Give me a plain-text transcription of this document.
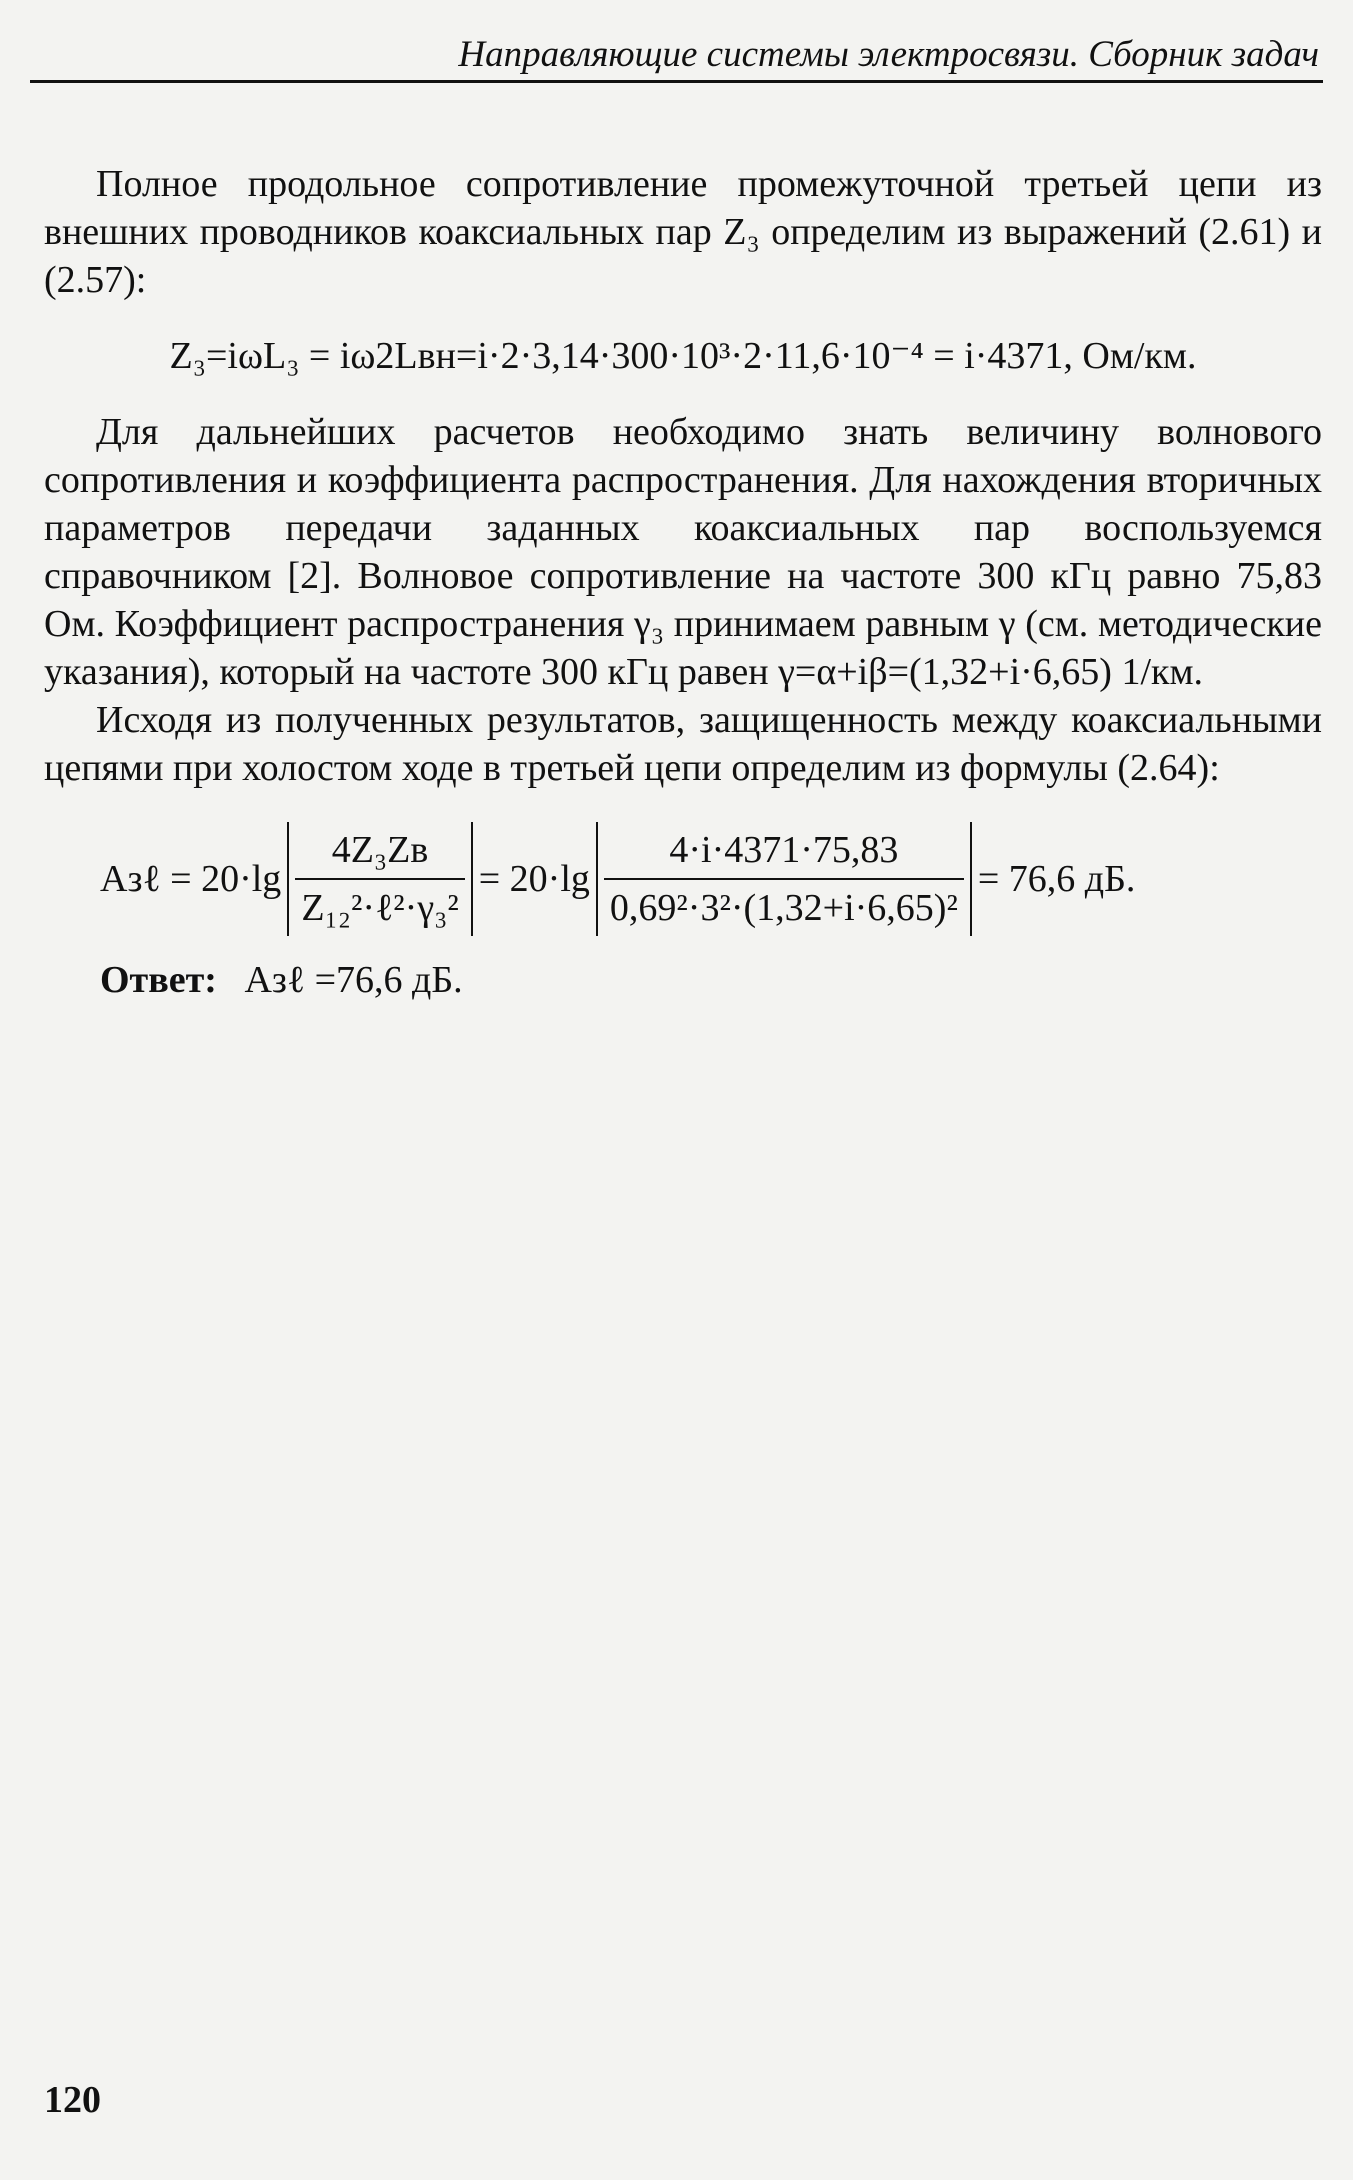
Направляющие системы электросвязи. Сборник задач

Полное продольное сопротивление промежуточной третьей цепи из внешних проводников коаксиальных пар Z₃ определим из выражений (2.61) и (2.57):

Z₃=iωL₃ = iω2Lвн=i·2·3,14·300·10³·2·11,6·10⁻⁴ = i·4371, Ом/км.

Для дальнейших расчетов необходимо знать величину волнового сопротивления и коэффициента распространения. Для нахождения вторичных параметров передачи заданных коаксиальных пар воспользуемся справочником [2]. Волновое сопротивление на частоте 300 кГц равно 75,83 Ом. Коэффициент распространения γ₃ принимаем равным γ (см. методические указания), который на частоте 300 кГц равен γ=α+iβ=(1,32+i·6,65) 1/км.

Исходя из полученных результатов, защищенность между коаксиальными цепями при холостом ходе в третьей цепи определим из формулы (2.64):

Aзℓ = $20\cdot\lg \frac{\text{4Z₃Zв}}{\text{Z₁₂²·ℓ²·γ₃²}} = 20\cdot\lg \frac{4\cdot i\cdot 4371\cdot 75,83}{\text{0,69²·3²·(1,32+i·6,65)²}} = 76,6$ дБ.
Ответ: Aзℓ =76,6 дБ.
120
